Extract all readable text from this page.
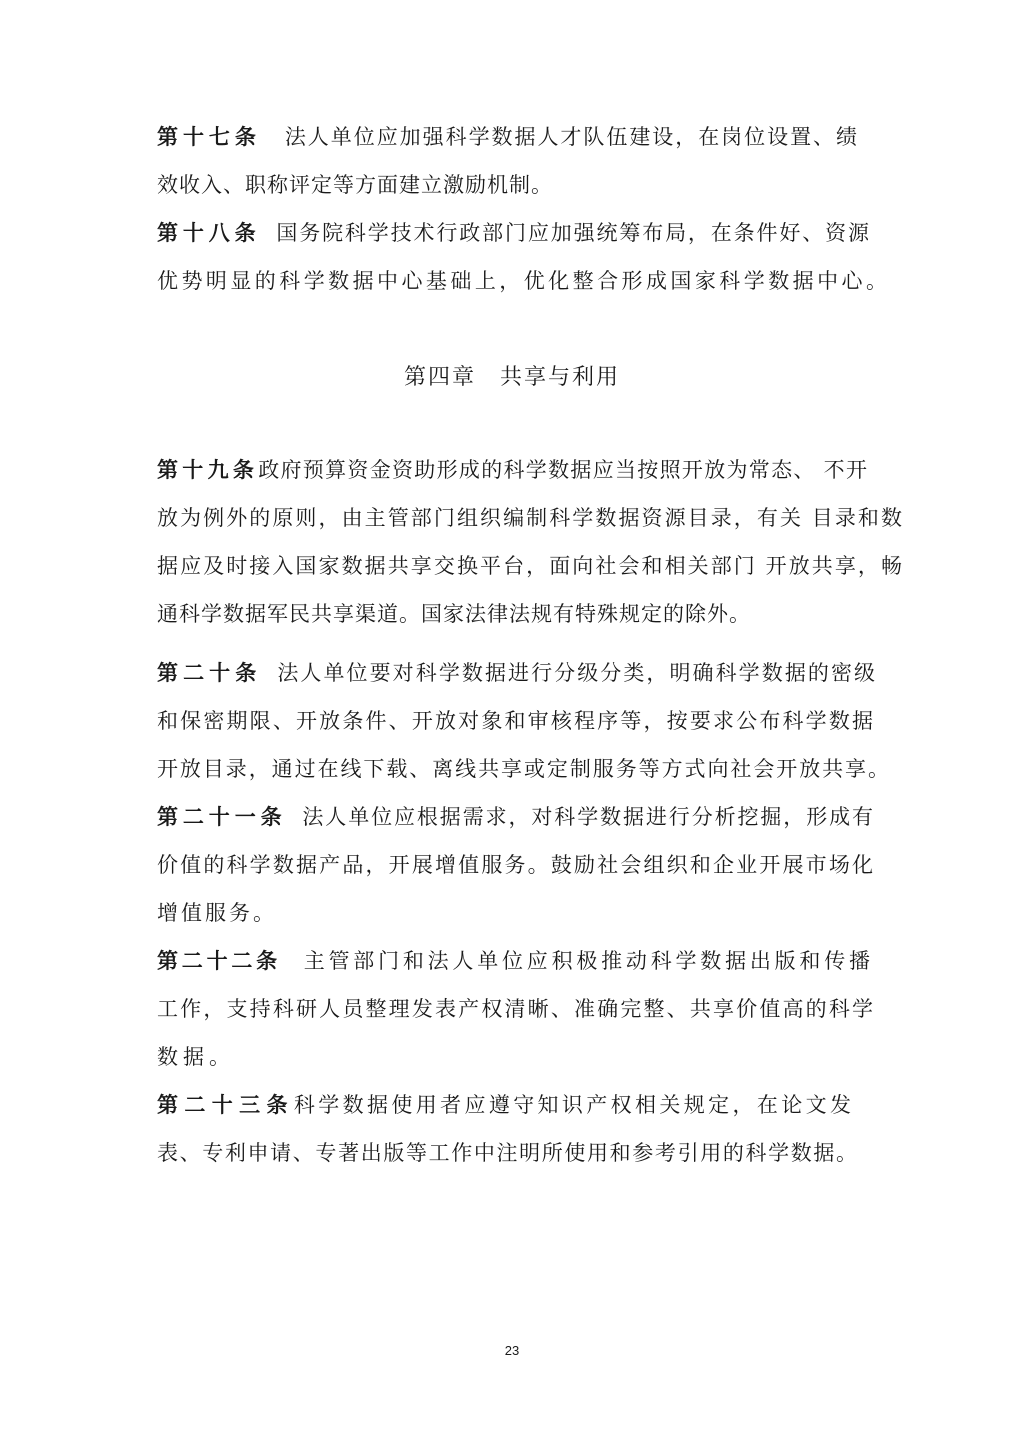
第十七条 法人单位应加强科学数据人才队伍建设，在岗位设置、绩
效收入、职称评定等方面建立激励机制。
第十八条 国务院科学技术行政部门应加强统筹布局，在条件好、资源
优势明显的科学数据中心基础上，优化整合形成国家科学数据中心。
第四章　共享与利用
第十九条政府预算资金资助形成的科学数据应当按照开放为常态、 不开
放为例外的原则，由主管部门组织编制科学数据资源目录，有关 目录和数
据应及时接入国家数据共享交换平台，面向社会和相关部门 开放共享，畅
通科学数据军民共享渠道。国家法律法规有特殊规定的除外。
第二十条 法人单位要对科学数据进行分级分类，明确科学数据的密级
和保密期限、开放条件、开放对象和审核程序等，按要求公布科学数据
开放目录，通过在线下载、离线共享或定制服务等方式向社会开放共享。
第二十一条 法人单位应根据需求，对科学数据进行分析挖掘，形成有
价值的科学数据产品，开展增值服务。鼓励社会组织和企业开展市场化
增值服务。
第二十二条 主管部门和法人单位应积极推动科学数据出版和传播
工作，支持科研人员整理发表产权清晰、准确完整、共享价值高的科学
数据。
第二十三条科学数据使用者应遵守知识产权相关规定，在论文发
表、专利申请、专著出版等工作中注明所使用和参考引用的科学数据。
23
